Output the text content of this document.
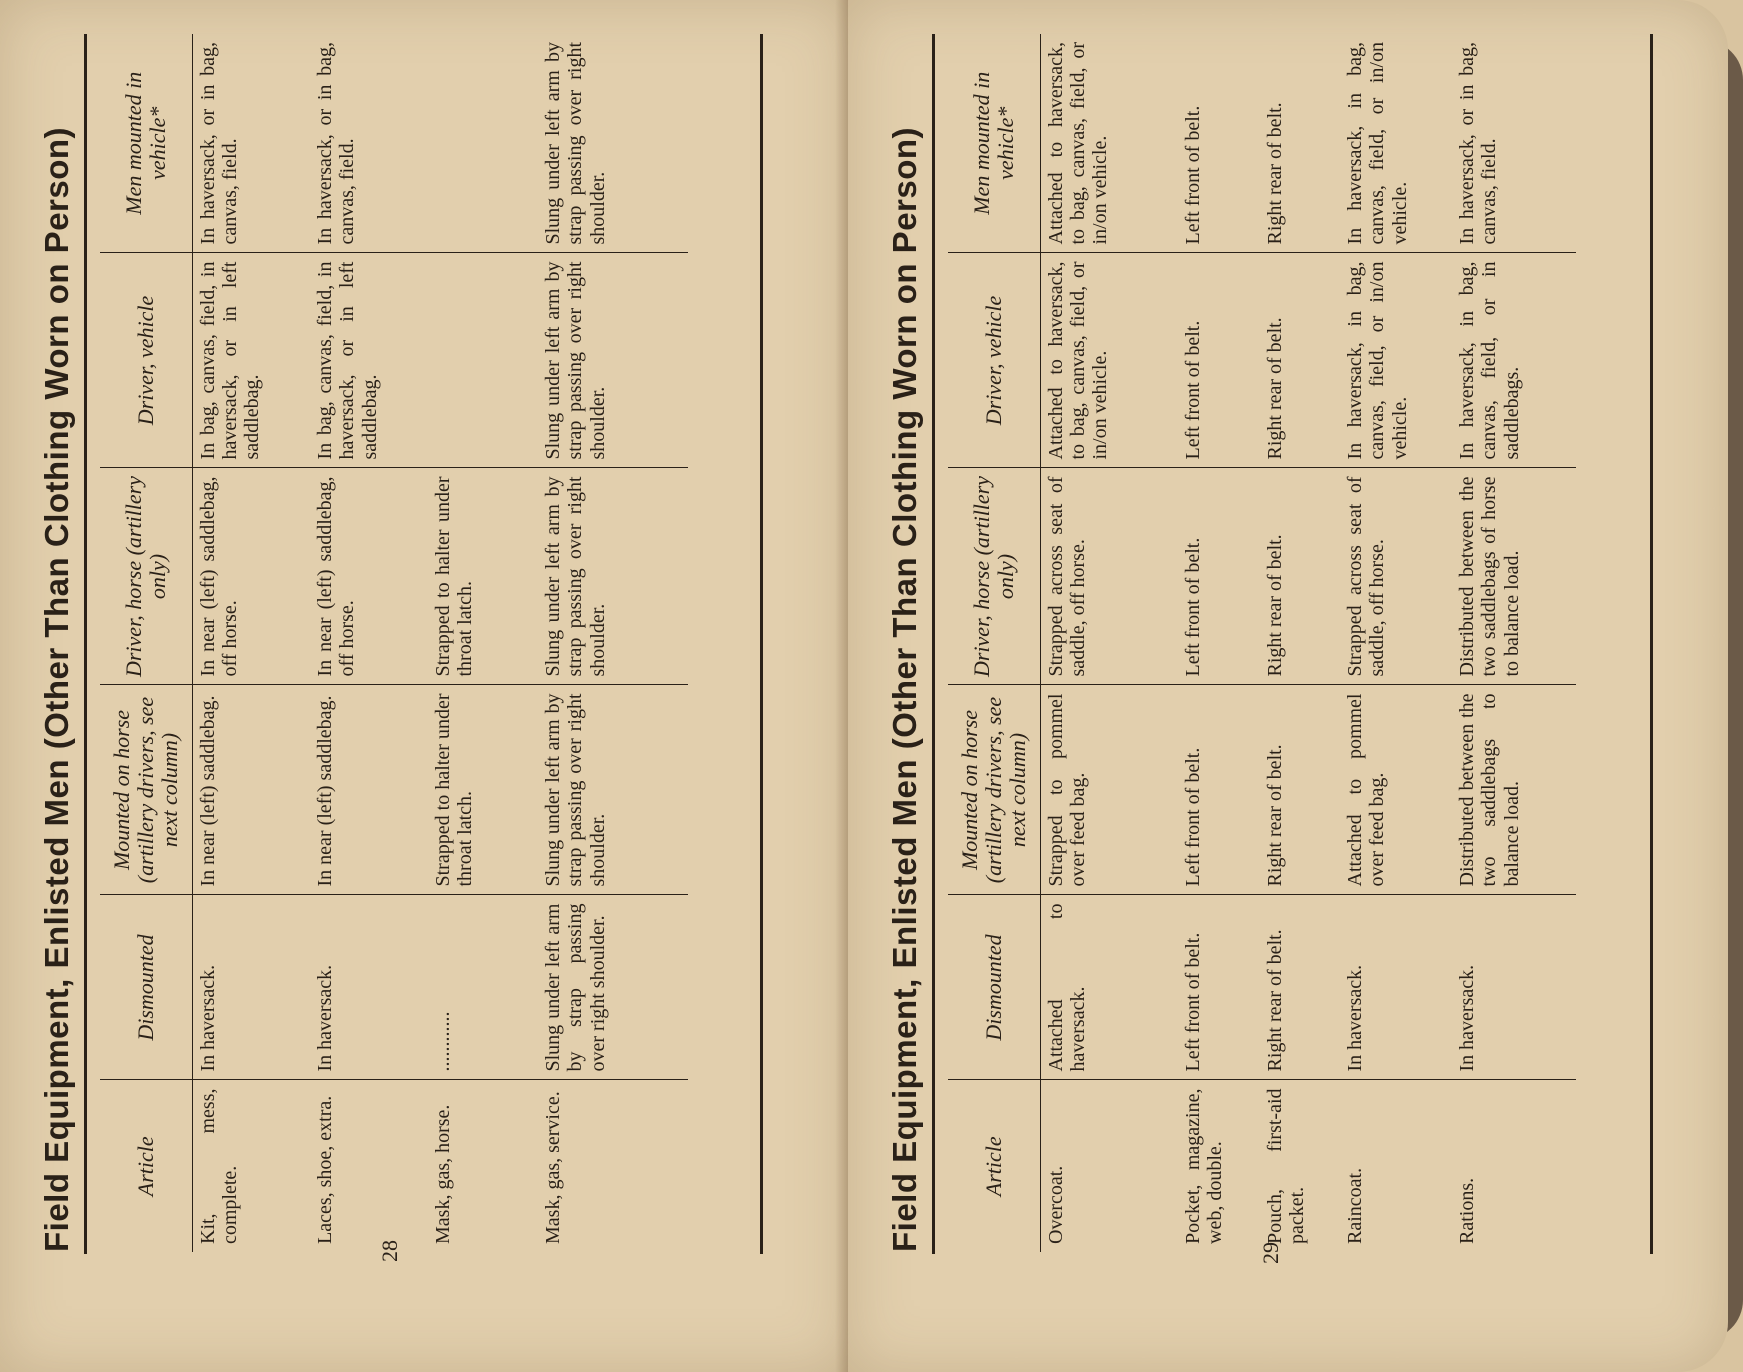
Field Equipment, Enlisted Men (Other Than Clothing Worn on Person)	Article	Dismounted	Mounted on horse (artillery drivers, see next column)	Driver, horse (artillery only)	Driver, vehicle	Men mounted in vehicle*
Kit, mess, complete.	In haversack.	In near (left) saddlebag.	In near (left) saddlebag, off horse.	In bag, canvas, field, in haversack, or in left saddlebag.	In haversack, or in bag, canvas, field.
Laces, shoe, extra.	In haversack.	In near (left) saddlebag.	In near (left) saddlebag, off horse.	In bag, canvas, field, in haversack, or in left saddlebag.	In haversack, or in bag, canvas, field.
Mask, gas, horse.	............	Strapped to halter under throat latch.	Strapped to halter under throat latch.		
Mask, gas, service.	Slung under left arm by strap passing over right shoulder.	Slung under left arm by strap passing over right shoulder.	Slung under left arm by strap passing over right shoulder.	Slung under left arm by strap passing over right shoulder.	Slung under left arm by strap passing over right shoulder.
28	Field Equipment, Enlisted Men (Other Than Clothing Worn on Person)	Article	Dismounted	Mounted on horse (artillery drivers, see next column)	Driver, horse (artillery only)	Driver, vehicle	Men mounted in vehicle*
Overcoat.	Attached to haversack.	Strapped to pommel over feed bag.	Strapped across seat of saddle, off horse.	Attached to haversack, to bag, canvas, field, or in/on vehicle.	Attached to haversack, to bag, canvas, field, or in/on vehicle.
Pocket, magazine, web, double.	Left front of belt.	Left front of belt.	Left front of belt.	Left front of belt.	Left front of belt.
Pouch, first-aid packet.	Right rear of belt.	Right rear of belt.	Right rear of belt.	Right rear of belt.	Right rear of belt.
Raincoat.	In haversack.	Attached to pommel over feed bag.	Strapped across seat of saddle, off horse.	In haversack, in bag, canvas, field, or in/on vehicle.	In haversack, in bag, canvas, field, or in/on vehicle.
Rations.	In haversack.	Distributed between the two saddlebags to balance load.	Distributed between the two saddlebags of horse to balance load.	In haversack, in bag, canvas, field, or in saddlebags.	In haversack, or in bag, canvas, field.
29
